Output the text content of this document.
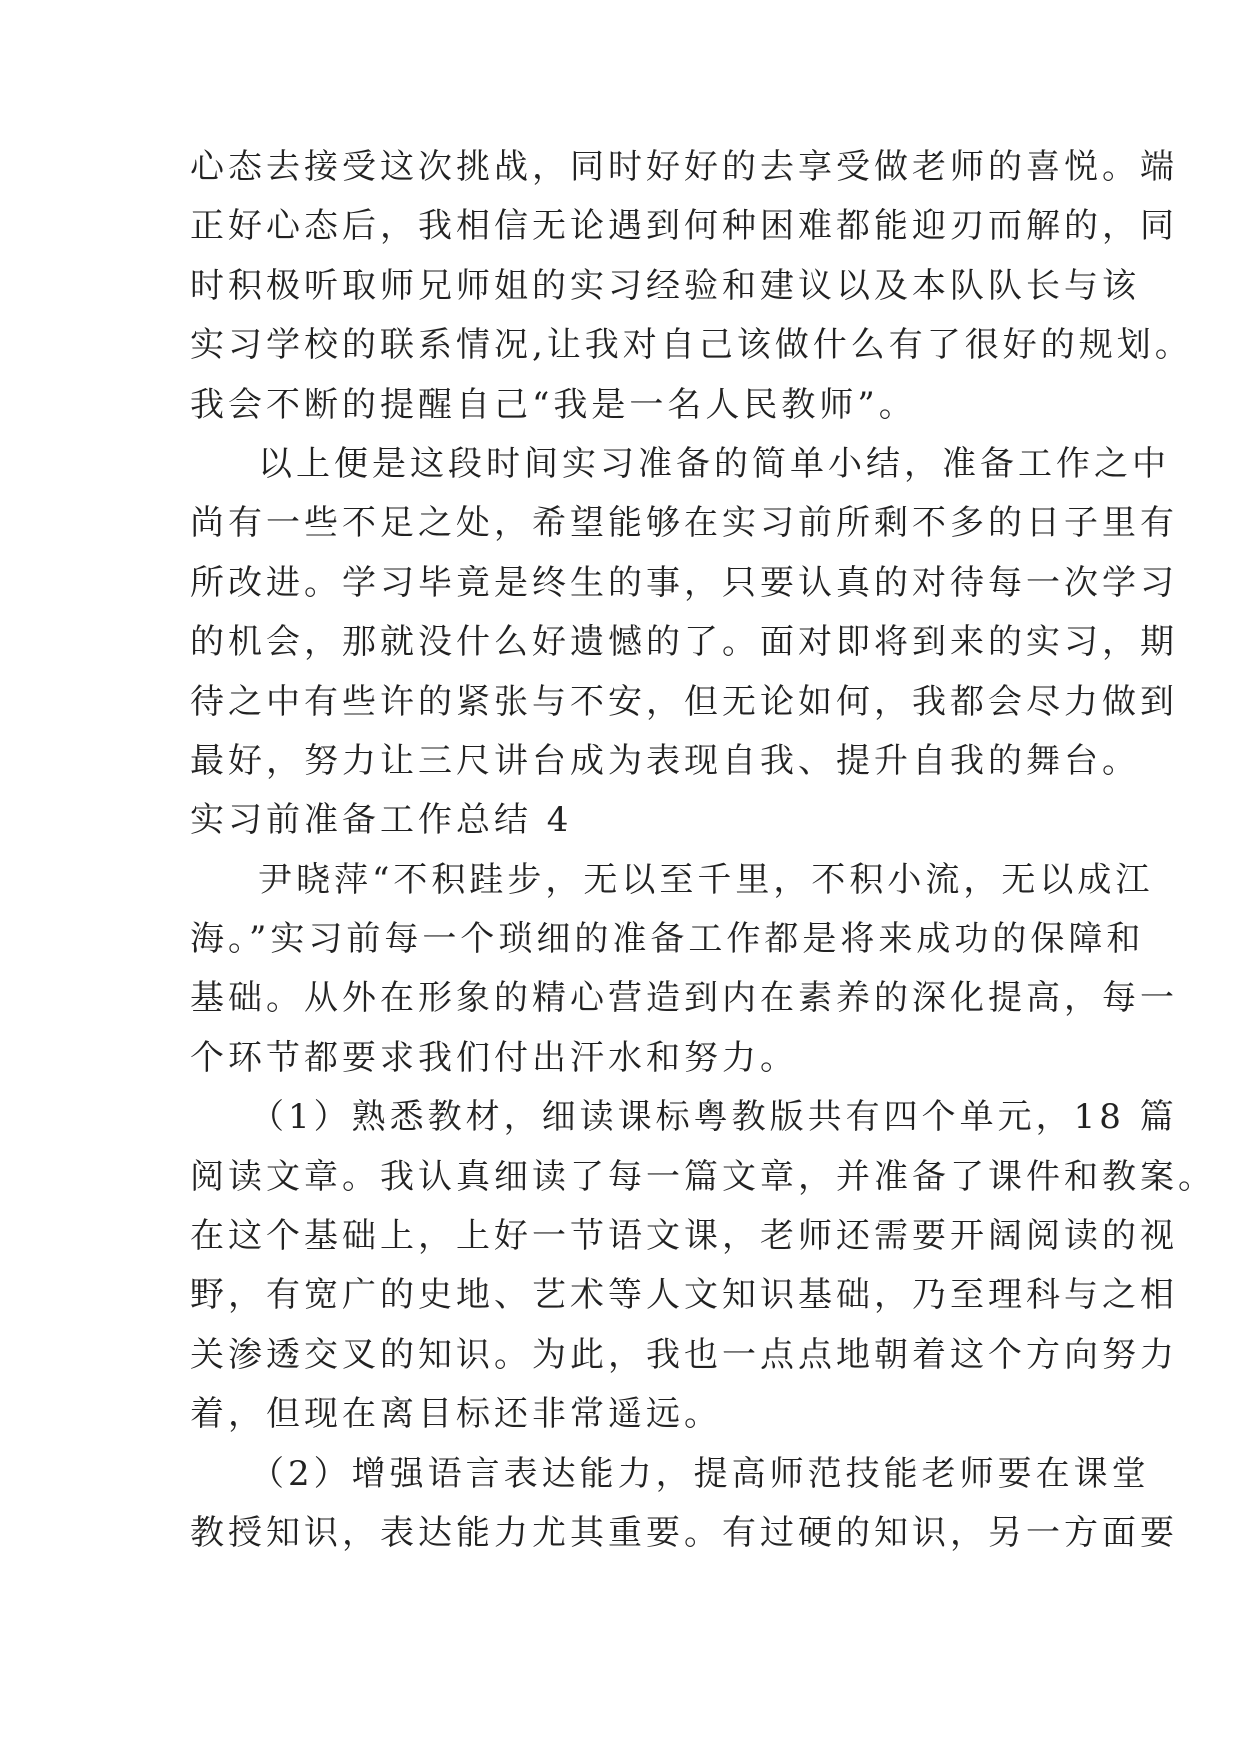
心态去接受这次挑战，同时好好的去享受做老师的喜悦。端
正好心态后，我相信无论遇到何种困难都能迎刃而解的，同
时积极听取师兄师姐的实习经验和建议以及本队队长与该
实习学校的联系情况,让我对自己该做什么有了很好的规划。
我会不断的提醒自己“我是一名人民教师”。
以上便是这段时间实习准备的简单小结，准备工作之中
尚有一些不足之处，希望能够在实习前所剩不多的日子里有
所改进。学习毕竟是终生的事，只要认真的对待每一次学习
的机会，那就没什么好遗憾的了。面对即将到来的实习，期
待之中有些许的紧张与不安，但无论如何，我都会尽力做到
最好，努力让三尺讲台成为表现自我、提升自我的舞台。
实习前准备工作总结 4
尹晓萍“不积跬步，无以至千里，不积小流，无以成江
海。”实习前每一个琐细的准备工作都是将来成功的保障和
基础。从外在形象的精心营造到内在素养的深化提高，每一
个环节都要求我们付出汗水和努力。
（1）熟悉教材，细读课标粤教版共有四个单元，18 篇
阅读文章。我认真细读了每一篇文章，并准备了课件和教案。
在这个基础上，上好一节语文课，老师还需要开阔阅读的视
野，有宽广的史地、艺术等人文知识基础，乃至理科与之相
关渗透交叉的知识。为此，我也一点点地朝着这个方向努力
着，但现在离目标还非常遥远。
（2）增强语言表达能力，提高师范技能老师要在课堂
教授知识，表达能力尤其重要。有过硬的知识，另一方面要
